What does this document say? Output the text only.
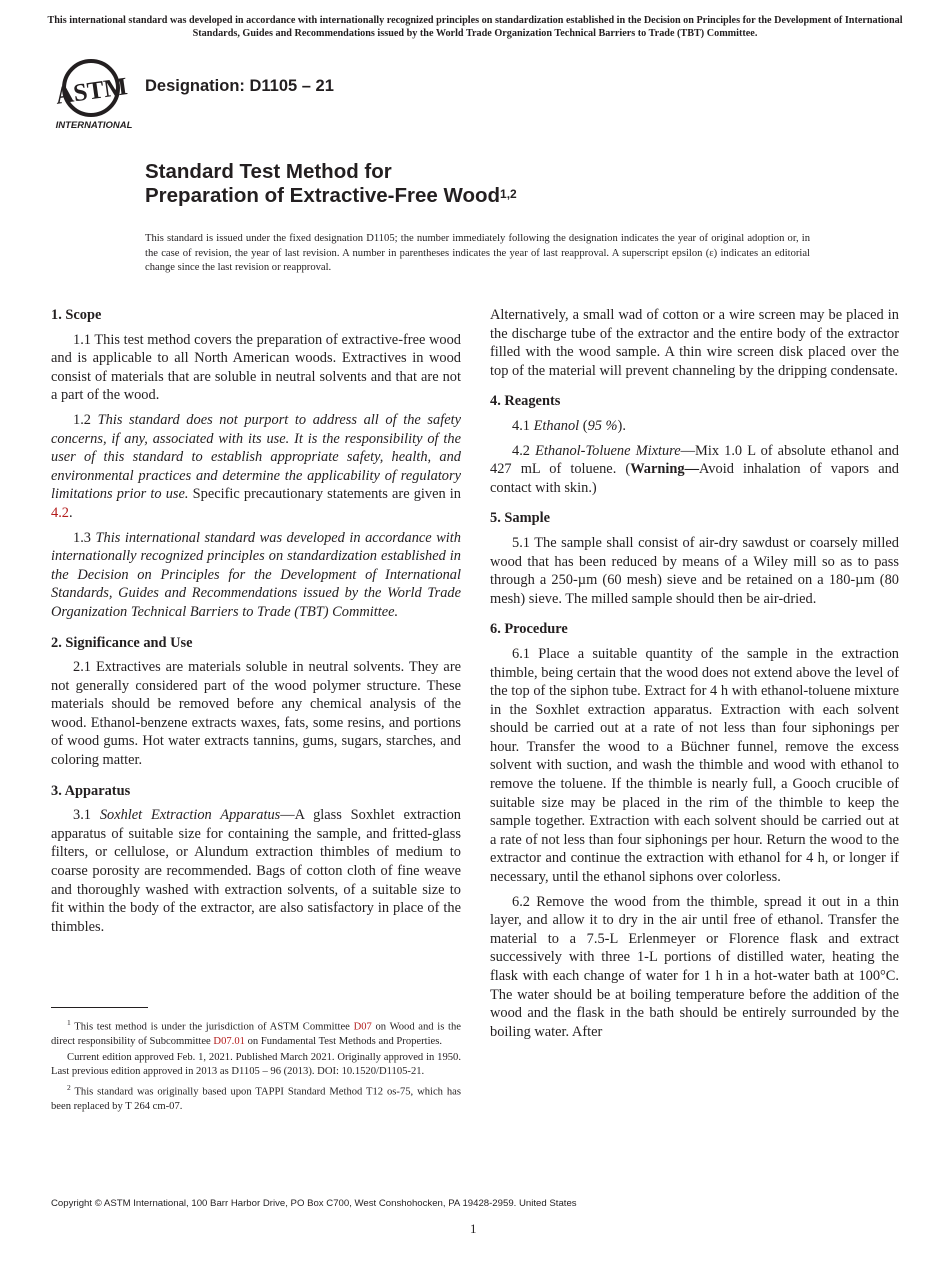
This international standard was developed in accordance with internationally recognized principles on standardization established in the Decision on Principles for the Development of International Standards, Guides and Recommendations issued by the World Trade Organization Technical Barriers to Trade (TBT) Committee.
ASTM
INTERNATIONAL
Designation: D1105 – 21
Standard Test Method for
Preparation of Extractive-Free Wood$^{1,2}$
This standard is issued under the fixed designation D1105; the number immediately following the designation indicates the year of original adoption or, in the case of revision, the year of last revision. A number in parentheses indicates the year of last reapproval. A superscript epsilon (ε) indicates an editorial change since the last revision or reapproval.
1. Scope

1.1 This test method covers the preparation of extractive-free wood and is applicable to all North American woods. Extractives in wood consist of materials that are soluble in neutral solvents and that are not a part of the wood.

1.2 This standard does not purport to address all of the safety concerns, if any, associated with its use. It is the responsibility of the user of this standard to establish appropriate safety, health, and environmental practices and determine the applicability of regulatory limitations prior to use. Specific precautionary statements are given in 4.2.

1.3 This international standard was developed in accordance with internationally recognized principles on standardization established in the Decision on Principles for the Development of International Standards, Guides and Recommendations issued by the World Trade Organization Technical Barriers to Trade (TBT) Committee.

2. Significance and Use

2.1 Extractives are materials soluble in neutral solvents. They are not generally considered part of the wood polymer structure. These materials should be removed before any chemical analysis of the wood. Ethanol-benzene extracts waxes, fats, some resins, and portions of wood gums. Hot water extracts tannins, gums, sugars, starches, and coloring matter.

3. Apparatus

3.1 Soxhlet Extraction Apparatus—A glass Soxhlet extraction apparatus of suitable size for containing the sample, and fritted-glass filters, or cellulose, or Alundum extraction thimbles of medium to coarse porosity are recommended. Bags of cotton cloth of fine weave and thoroughly washed with extraction solvents, of a suitable size to fit within the body of the extractor, are also satisfactory in place of the thimbles.

$^1$ This test method is under the jurisdiction of ASTM Committee D07 on Wood and is the direct responsibility of Subcommittee D07.01 on Fundamental Test Methods and Properties.

Current edition approved Feb. 1, 2021. Published March 2021. Originally approved in 1950. Last previous edition approved in 2013 as D1105 – 96 (2013). DOI: 10.1520/D1105-21.

$^2$ This standard was originally based upon TAPPI Standard Method T12 os-75, which has been replaced by T 264 cm-07.

Alternatively, a small wad of cotton or a wire screen may be placed in the discharge tube of the extractor and the entire body of the extractor filled with the wood sample. A thin wire screen disk placed over the top of the material will prevent channeling by the dripping condensate.

4. Reagents

4.1 Ethanol (95 %).

4.2 Ethanol-Toluene Mixture—Mix 1.0 L of absolute ethanol and 427 mL of toluene. (Warning—Avoid inhalation of vapors and contact with skin.)

5. Sample

5.1 The sample shall consist of air-dry sawdust or coarsely milled wood that has been reduced by means of a Wiley mill so as to pass through a 250-µm (60 mesh) sieve and be retained on a 180-µm (80 mesh) sieve. The milled sample should then be air-dried.

6. Procedure

6.1 Place a suitable quantity of the sample in the extraction thimble, being certain that the wood does not extend above the level of the top of the siphon tube. Extract for 4 h with ethanol-toluene mixture in the Soxhlet extraction apparatus. Extraction with each solvent should be carried out at a rate of not less than four siphonings per hour. Transfer the wood to a Büchner funnel, remove the excess solvent with suction, and wash the thimble and wood with ethanol to remove the toluene. If the thimble is nearly full, a Gooch crucible of suitable size may be placed in the rim of the thimble to keep the sample together. Extraction with each solvent should be carried out at a rate of not less than four siphonings per hour. Return the wood to the extractor and continue the extraction with ethanol for 4 h, or longer if necessary, until the ethanol siphons over colorless.

6.2 Remove the wood from the thimble, spread it out in a thin layer, and allow it to dry in the air until free of ethanol. Transfer the material to a 7.5-L Erlenmeyer or Florence flask and extract successively with three 1-L portions of distilled water, heating the flask with each change of water for 1 h in a hot-water bath at 100°C. The water should be at boiling temperature before the addition of the wood and the flask in the bath should be entirely surrounded by the boiling water. After

Copyright © ASTM International, 100 Barr Harbor Drive, PO Box C700, West Conshohocken, PA 19428-2959. United States
1
